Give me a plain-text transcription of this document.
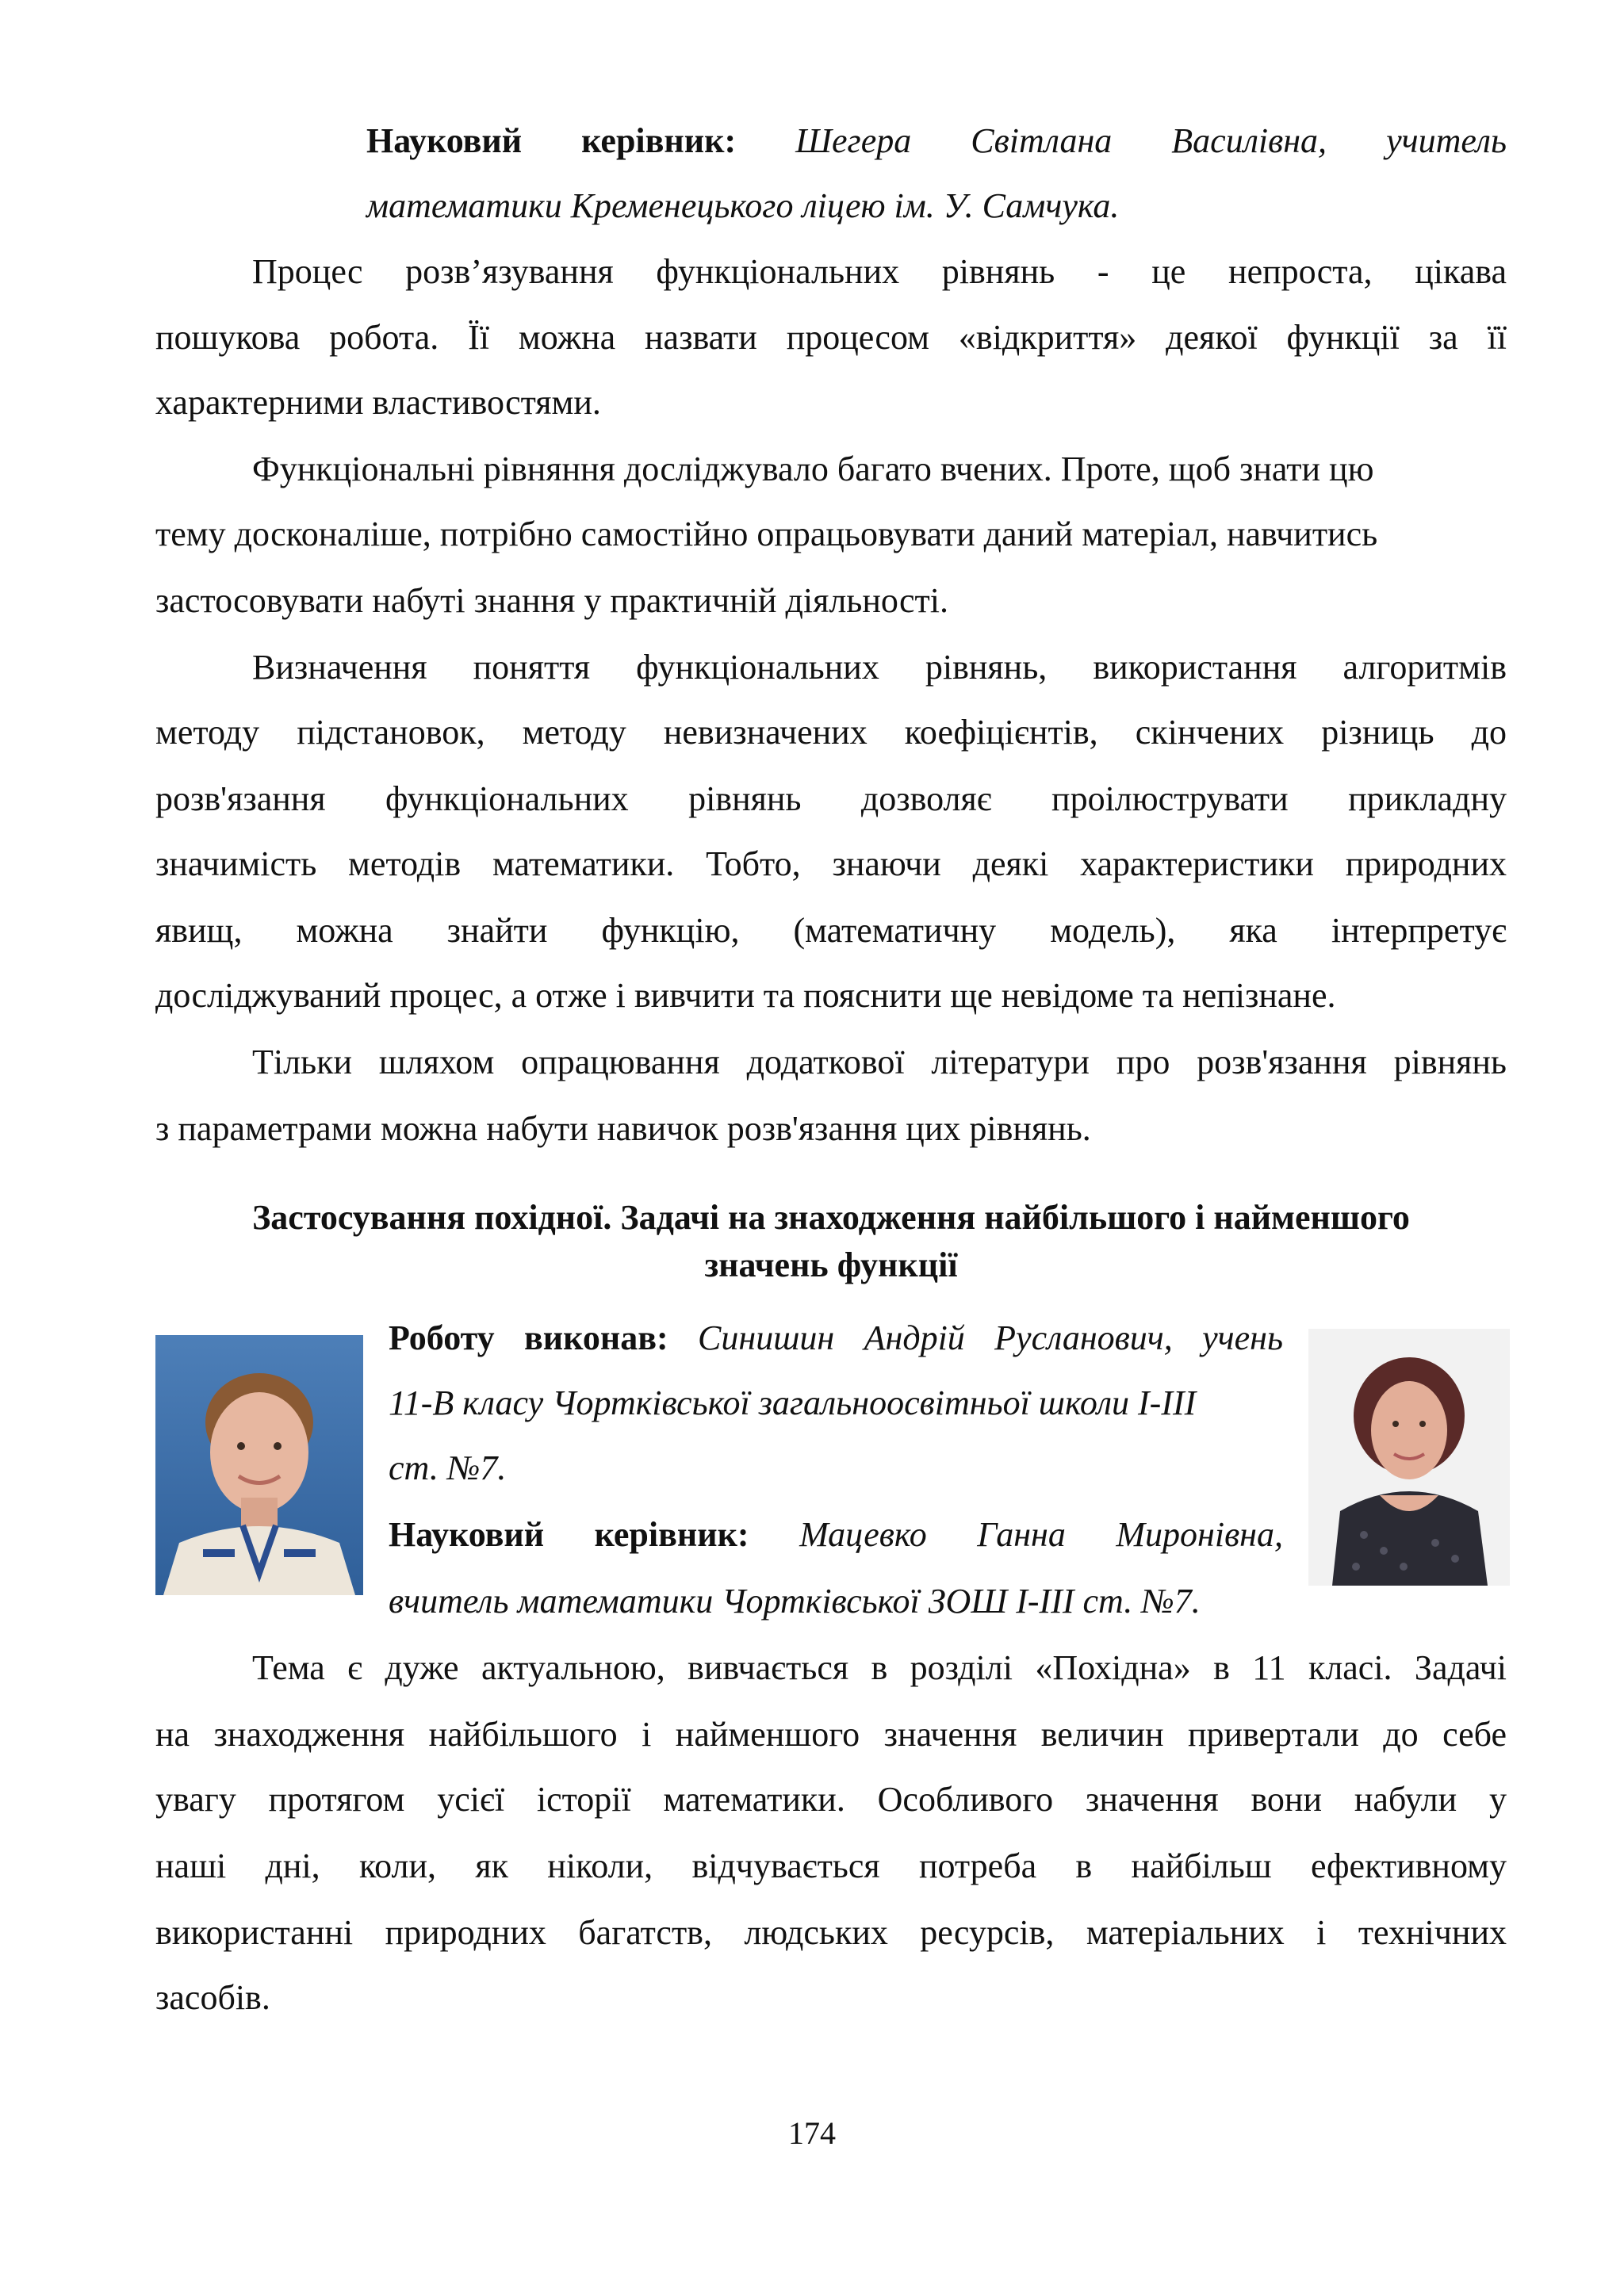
Науковий керівник: Шегера Світлана Василівна, учитель
математики Кременецького ліцею ім. У. Самчука.
Процес розв’язування функціональних рівнянь - це непроста, цікава
пошукова робота. Її можна назвати процесом «відкриття» деякої функції за її
характерними властивостями.
Функціональні рівняння досліджувало багато вчених. Проте, щоб знати цю
тему досконаліше, потрібно самостійно опрацьовувати даний матеріал, навчитись
застосовувати набуті знання у практичній діяльності.
Визначення поняття функціональних рівнянь, використання алгоритмів
методу підстановок, методу невизначених коефіцієнтів, скінчених різниць до
розв'язання функціональних рівнянь дозволяє проілюструвати прикладну
значимість методів математики. Тобто, знаючи деякі характеристики природних
явищ, можна знайти функцію, (математичну модель), яка інтерпретує
досліджуваний процес, а отже і вивчити та пояснити ще невідоме та непізнане.
Тільки шляхом опрацювання додаткової літератури про розв'язання рівнянь
з параметрами можна набути навичок розв'язання цих рівнянь.
Застосування похідної. Задачі на знаходження найбільшого і найменшого
значень функції
Роботу виконав: Синишин Андрій Русланович, учень
11-В класу Чортківської загальноосвітньої школи І-ІІІ
ст. №7.
Науковий керівник: Мацевко Ганна Миронівна,
вчитель математики Чортківської ЗОШ І-ІІІ ст. №7.
Тема є дуже актуальною, вивчається в розділі «Похідна» в 11 класі. Задачі
на знаходження найбільшого і найменшого значення величин привертали до себе
увагу протягом усієї історії математики. Особливого значення вони набули у
наші дні, коли, як ніколи, відчувається потреба в найбільш ефективному
використанні природних багатств, людських ресурсів, матеріальних і технічних
засобів.
174
